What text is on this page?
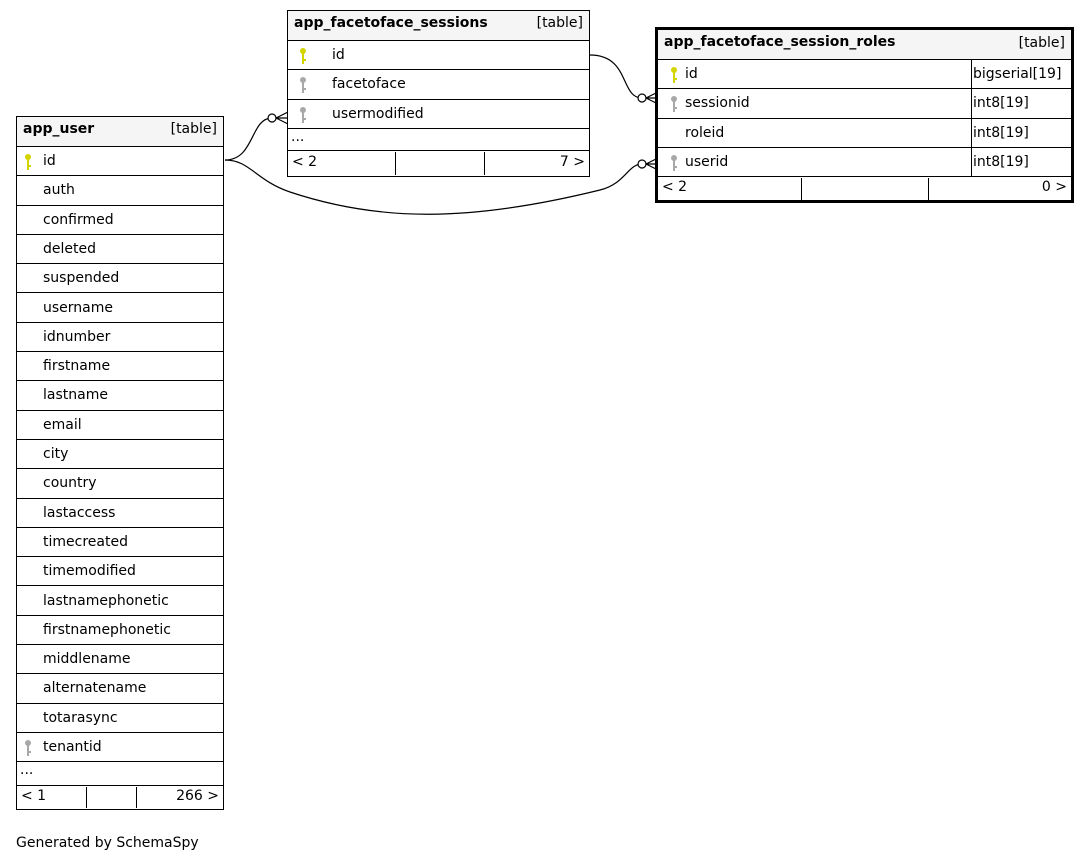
app_user	[table]
id
auth
confirmed
deleted
suspended
username
idnumber
firstname
lastname
email
city
country
lastaccess
timecreated
timemodified
lastnamephonetic
firstnamephonetic
middlename
alternatename
totarasync
tenantid
...
< 1	266 >
app_facetoface_sessions	[table]
id
facetoface
usermodified
...
< 2	7 >
app_facetoface_session_roles	[table]
id	bigserial[19]
sessionid	int8[19]
roleid	int8[19]
userid	int8[19]
< 2	0 >
Generated by SchemaSpy
